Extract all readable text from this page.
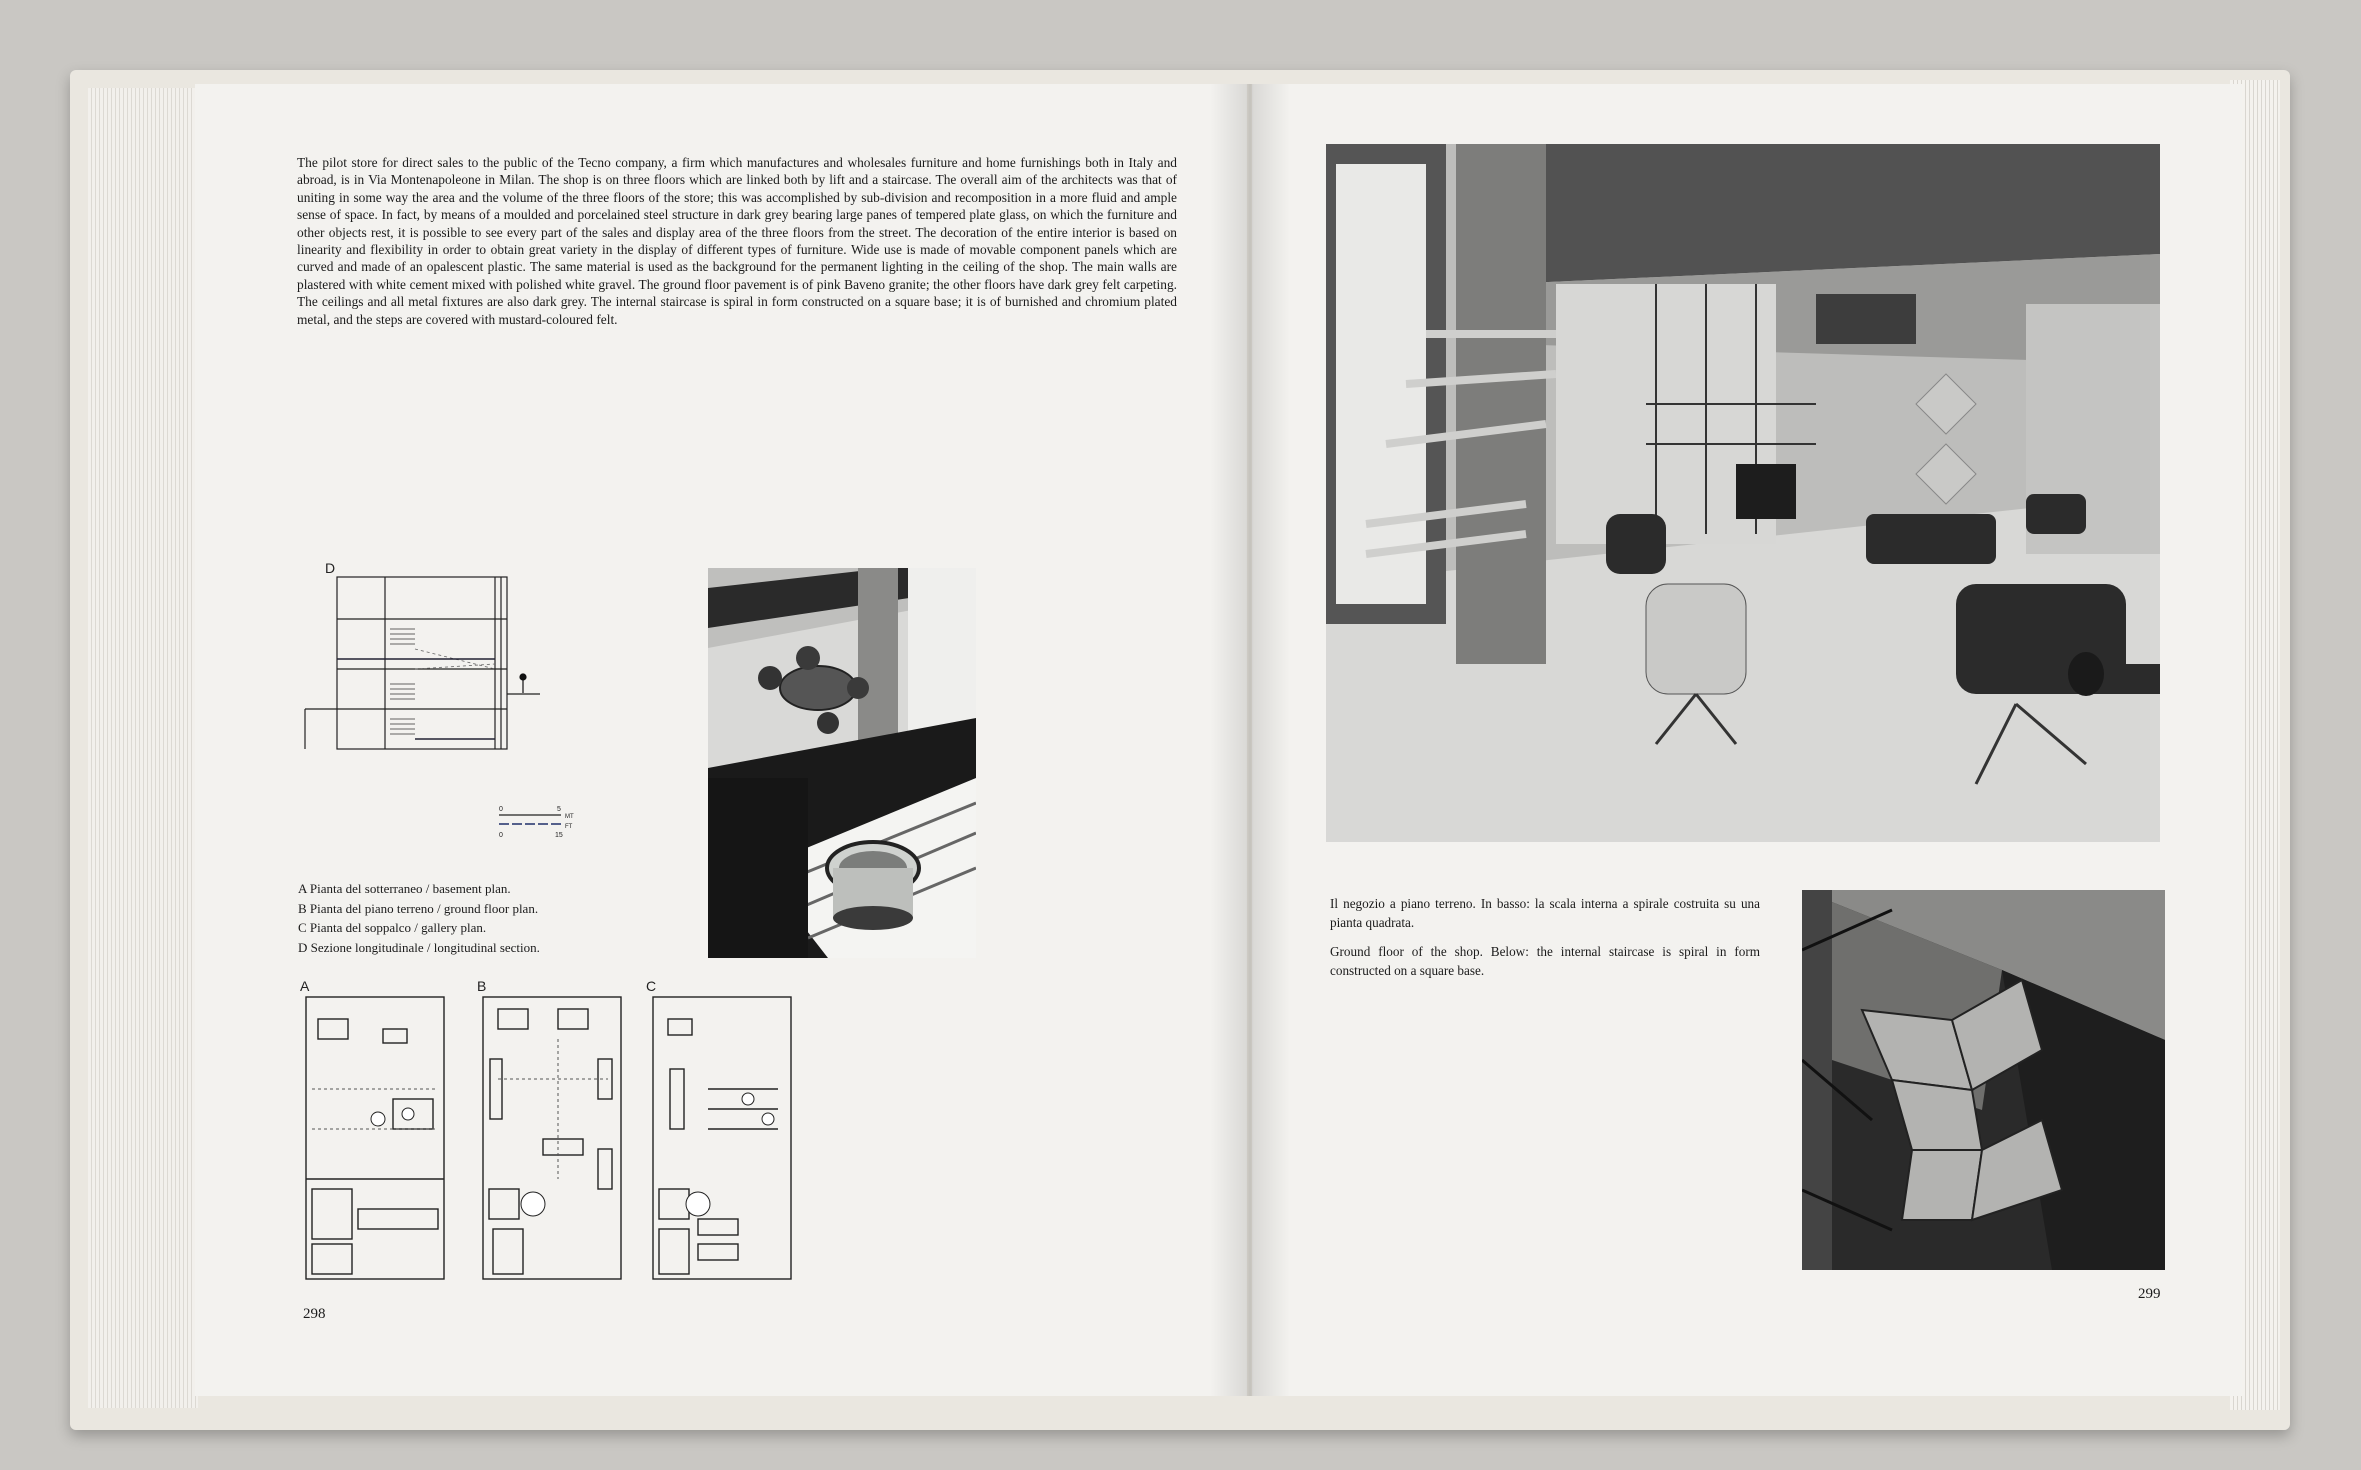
The pilot store for direct sales to the public of the Tecno company, a firm which manufactures and wholesales furniture and home furnishings both in Italy and abroad, is in Via Montenapoleone in Milan. The shop is on three floors which are linked both by lift and a staircase. The overall aim of the architects was that of uniting in some way the area and the volume of the three floors of the store; this was accomplished by sub-division and recomposition in a more fluid and ample sense of space. In fact, by means of a moulded and porcelained steel structure in dark grey bearing large panes of tempered plate glass, on which the furniture and other objects rest, it is possible to see every part of the sales and display area of the three floors from the street. The decoration of the entire interior is based on linearity and flexibility in order to obtain great variety in the display of different types of furniture. Wide use is made of movable component panels which are curved and made of an opalescent plastic. The same material is used as the background for the permanent lighting in the ceiling of the shop. The main walls are plastered with white cement mixed with polished white gravel. The ground floor pavement is of pink Baveno granite; the other floors have dark grey felt carpeting. The ceilings and all metal fixtures are also dark grey. The internal staircase is spiral in form constructed on a square base; it is of burnished and chromium plated metal, and the steps are covered with mustard-coloured felt.

D
0	5
MT
FT
0	15
A Pianta del sotterraneo / basement plan.
B Pianta del piano terreno / ground floor plan.
C Pianta del soppalco / gallery plan.
D Sezione longitudinale / longitudinal section.
A	B	C
298

Il negozio a piano terreno. In basso: la scala interna a spirale costruita su una pianta quadrata.

Ground floor of the shop. Below: the internal staircase is spiral in form constructed on a square base.

299
